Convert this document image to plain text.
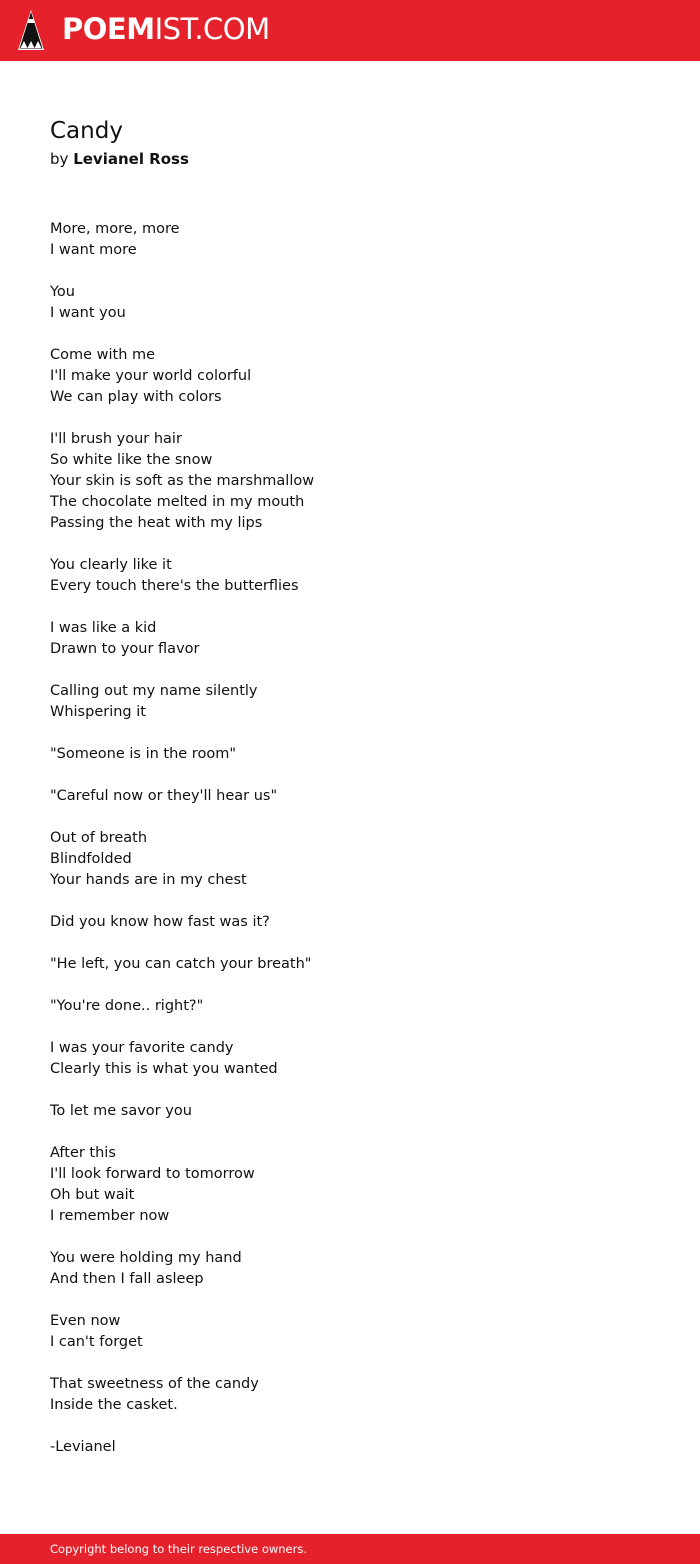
POEMIST.COM
Candy
by Levianel Ross
More, more, more
I want more
You
I want you
Come with me
I'll make your world colorful
We can play with colors
I'll brush your hair
So white like the snow
Your skin is soft as the marshmallow
The chocolate melted in my mouth
Passing the heat with my lips
You clearly like it
Every touch there's the butterflies
I was like a kid
Drawn to your flavor
Calling out my name silently
Whispering it
"Someone is in the room"
"Careful now or they'll hear us"
Out of breath
Blindfolded
Your hands are in my chest
Did you know how fast was it?
"He left, you can catch your breath"
"You're done.. right?"
I was your favorite candy
Clearly this is what you wanted
To let me savor you
After this
I'll look forward to tomorrow
Oh but wait
I remember now
You were holding my hand
And then I fall asleep
Even now
I can't forget
That sweetness of the candy
Inside the casket.
-Levianel
Copyright belong to their respective owners.
